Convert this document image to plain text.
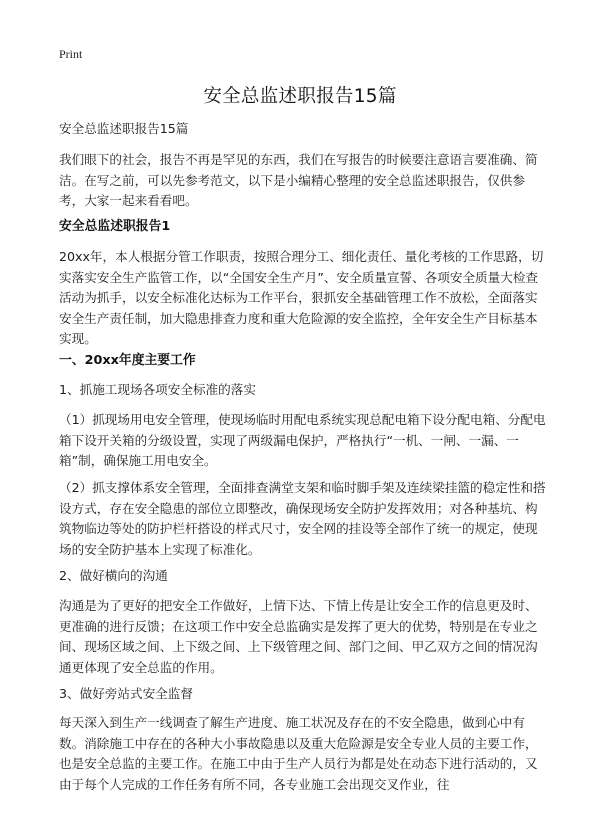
Print
安全总监述职报告15篇

安全总监述职报告15篇

我们眼下的社会，报告不再是罕见的东西，我们在写报告的时候要注意语言要准确、简洁。在写之前，可以先参考范文，以下是小编精心整理的安全总监述职报告，仅供参考，大家一起来看看吧。

安全总监述职报告1

20xx年，本人根据分管工作职责，按照合理分工、细化责任、量化考核的工作思路，切实落实安全生产监管工作，以“全国安全生产月”、安全质量宣誓、各项安全质量大检查活动为抓手，以安全标准化达标为工作平台，狠抓安全基础管理工作不放松，全面落实安全生产责任制，加大隐患排查力度和重大危险源的安全监控，全年安全生产目标基本实现。

一、20xx年度主要工作

1、抓施工现场各项安全标准的落实

（1）抓现场用电安全管理，使现场临时用配电系统实现总配电箱下设分配电箱、分配电箱下设开关箱的分级设置，实现了两级漏电保护，严格执行“一机、一闸、一漏、一箱”制，确保施工用电安全。

（2）抓支撑体系安全管理，全面排查满堂支架和临时脚手架及连续梁挂篮的稳定性和搭设方式，存在安全隐患的部位立即整改，确保现场安全防护发挥效用；对各种基坑、构筑物临边等处的防护栏杆搭设的样式尺寸，安全网的挂设等全部作了统一的规定，使现场的安全防护基本上实现了标准化。

2、做好横向的沟通

沟通是为了更好的把安全工作做好，上情下达、下情上传是让安全工作的信息更及时、更准确的进行反馈；在这项工作中安全总监确实是发挥了更大的优势，特别是在专业之间、现场区域之间、上下级之间、上下级管理之间、部门之间、甲乙双方之间的情况沟通更体现了安全总监的作用。

3、做好旁站式安全监督

每天深入到生产一线调查了解生产进度、施工状况及存在的不安全隐患，做到心中有数。消除施工中存在的各种大小事故隐患以及重大危险源是安全专业人员的主要工作，也是安全总监的主要工作。在施工中由于生产人员行为都是处在动态下进行活动的，又由于每个人完成的工作任务有所不同，各专业施工会出现交叉作业，往
